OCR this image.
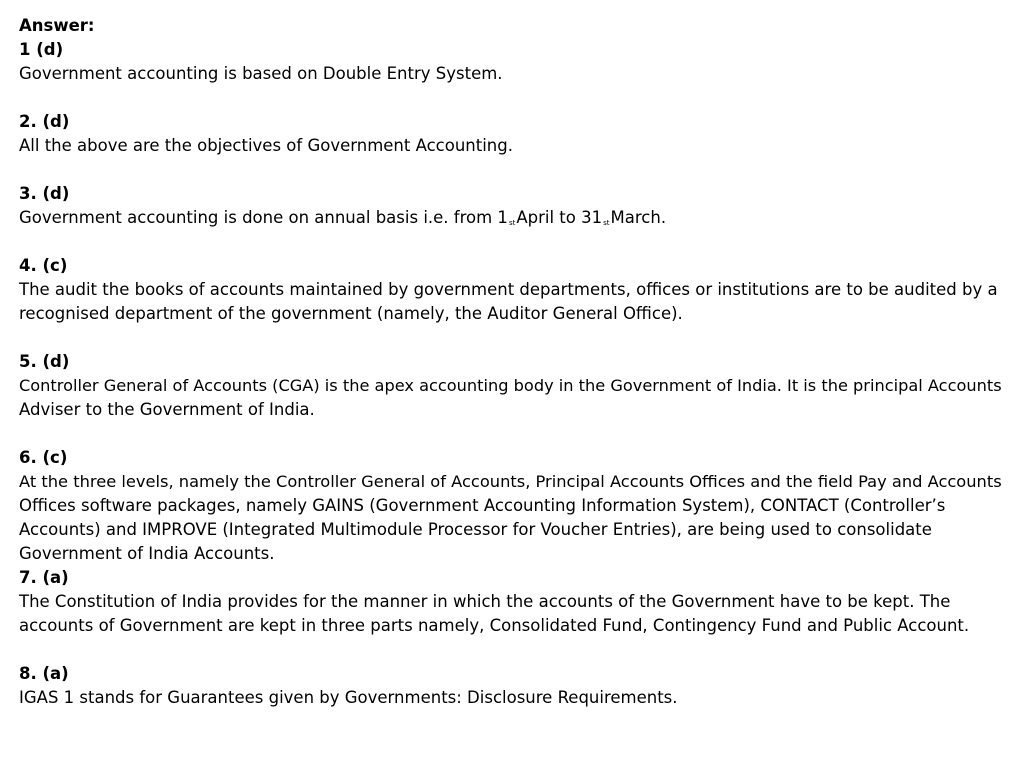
Answer:
1 (d)
Government accounting is based on Double Entry System.
2. (d)
All the above are the objectives of Government Accounting.
3. (d)
Government accounting is done on annual basis i.e. from 1stApril to 31stMarch.
4. (c)
The audit the books of accounts maintained by government departments, offices or institutions are to be audited by a
recognised department of the government (namely, the Auditor General Office).
5. (d)
Controller General of Accounts (CGA) is the apex accounting body in the Government of India. It is the principal Accounts
Adviser to the Government of India.
6. (c)
At the three levels, namely the Controller General of Accounts, Principal Accounts Offices and the field Pay and Accounts
Offices software packages, namely GAINS (Government Accounting Information System), CONTACT (Controller’s
Accounts) and IMPROVE (Integrated Multimodule Processor for Voucher Entries), are being used to consolidate
Government of India Accounts.
7. (a)
The Constitution of India provides for the manner in which the accounts of the Government have to be kept. The
accounts of Government are kept in three parts namely, Consolidated Fund, Contingency Fund and Public Account.
8. (a)
IGAS 1 stands for Guarantees given by Governments: Disclosure Requirements.
